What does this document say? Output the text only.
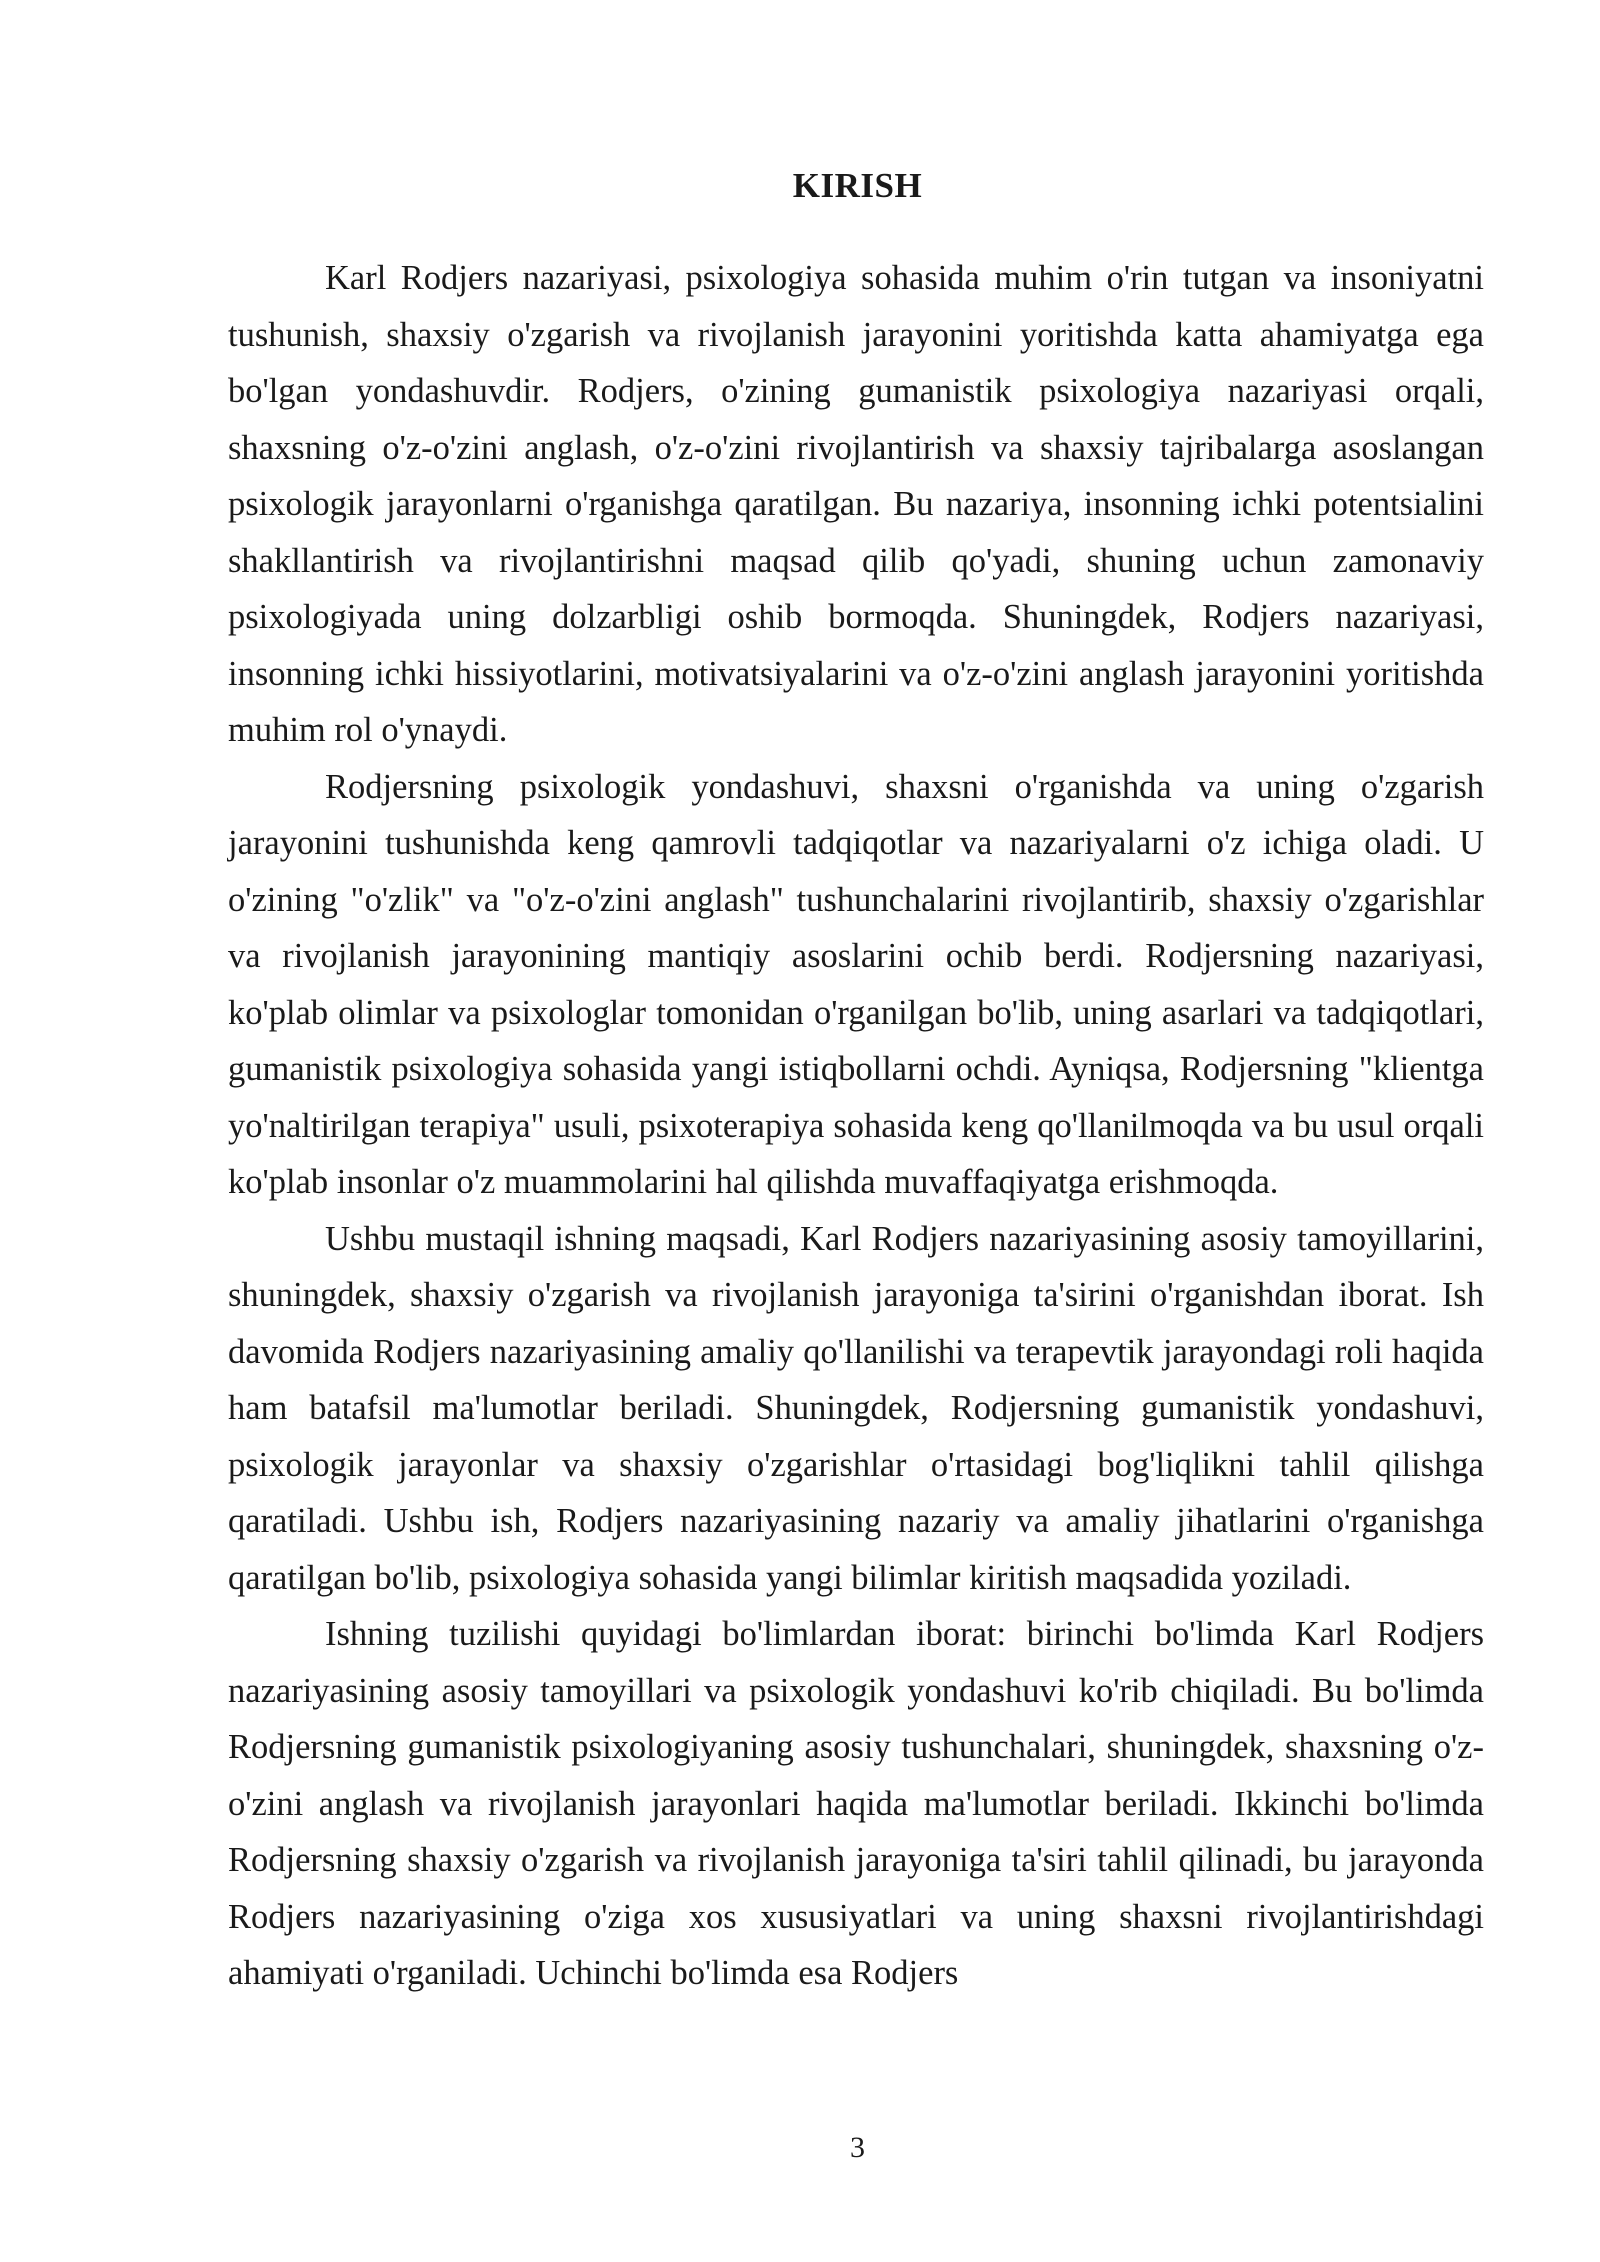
KIRISH

Karl Rodjers nazariyasi, psixologiya sohasida muhim o'rin tutgan va insoniyatni tushunish, shaxsiy o'zgarish va rivojlanish jarayonini yoritishda katta ahamiyatga ega bo'lgan yondashuvdir. Rodjers, o'zining gumanistik psixologiya nazariyasi orqali, shaxsning o'z-o'zini anglash, o'z-o'zini rivojlantirish va shaxsiy tajribalarga asoslangan psixologik jarayonlarni o'rganishga qaratilgan. Bu nazariya, insonning ichki potentsialini shakllantirish va rivojlantirishni maqsad qilib qo'yadi, shuning uchun zamonaviy psixologiyada uning dolzarbligi oshib bormoqda. Shuningdek, Rodjers nazariyasi, insonning ichki hissiyotlarini, motivatsiyalarini va o'z-o'zini anglash jarayonini yoritishda muhim rol o'ynaydi.

Rodjersning psixologik yondashuvi, shaxsni o'rganishda va uning o'zgarish jarayonini tushunishda keng qamrovli tadqiqotlar va nazariyalarni o'z ichiga oladi. U o'zining "o'zlik" va "o'z-o'zini anglash" tushunchalarini rivojlantirib, shaxsiy o'zgarishlar va rivojlanish jarayonining mantiqiy asoslarini ochib berdi. Rodjersning nazariyasi, ko'plab olimlar va psixologlar tomonidan o'rganilgan bo'lib, uning asarlari va tadqiqotlari, gumanistik psixologiya sohasida yangi istiqbollarni ochdi. Ayniqsa, Rodjersning "klientga yo'naltirilgan terapiya" usuli, psixoterapiya sohasida keng qo'llanilmoqda va bu usul orqali ko'plab insonlar o'z muammolarini hal qilishda muvaffaqiyatga erishmoqda.

Ushbu mustaqil ishning maqsadi, Karl Rodjers nazariyasining asosiy tamoyillarini, shuningdek, shaxsiy o'zgarish va rivojlanish jarayoniga ta'sirini o'rganishdan iborat. Ish davomida Rodjers nazariyasining amaliy qo'llanilishi va terapevtik jarayondagi roli haqida ham batafsil ma'lumotlar beriladi. Shuningdek, Rodjersning gumanistik yondashuvi, psixologik jarayonlar va shaxsiy o'zgarishlar o'rtasidagi bog'liqlikni tahlil qilishga qaratiladi. Ushbu ish, Rodjers nazariyasining nazariy va amaliy jihatlarini o'rganishga qaratilgan bo'lib, psixologiya sohasida yangi bilimlar kiritish maqsadida yoziladi.

Ishning tuzilishi quyidagi bo'limlardan iborat: birinchi bo'limda Karl Rodjers nazariyasining asosiy tamoyillari va psixologik yondashuvi ko'rib chiqiladi. Bu bo'limda Rodjersning gumanistik psixologiyaning asosiy tushunchalari, shuningdek, shaxsning o'z-o'zini anglash va rivojlanish jarayonlari haqida ma'lumotlar beriladi. Ikkinchi bo'limda Rodjersning shaxsiy o'zgarish va rivojlanish jarayoniga ta'siri tahlil qilinadi, bu jarayonda Rodjers nazariyasining o'ziga xos xususiyatlari va uning shaxsni rivojlantirishdagi ahamiyati o'rganiladi. Uchinchi bo'limda esa Rodjers

3
